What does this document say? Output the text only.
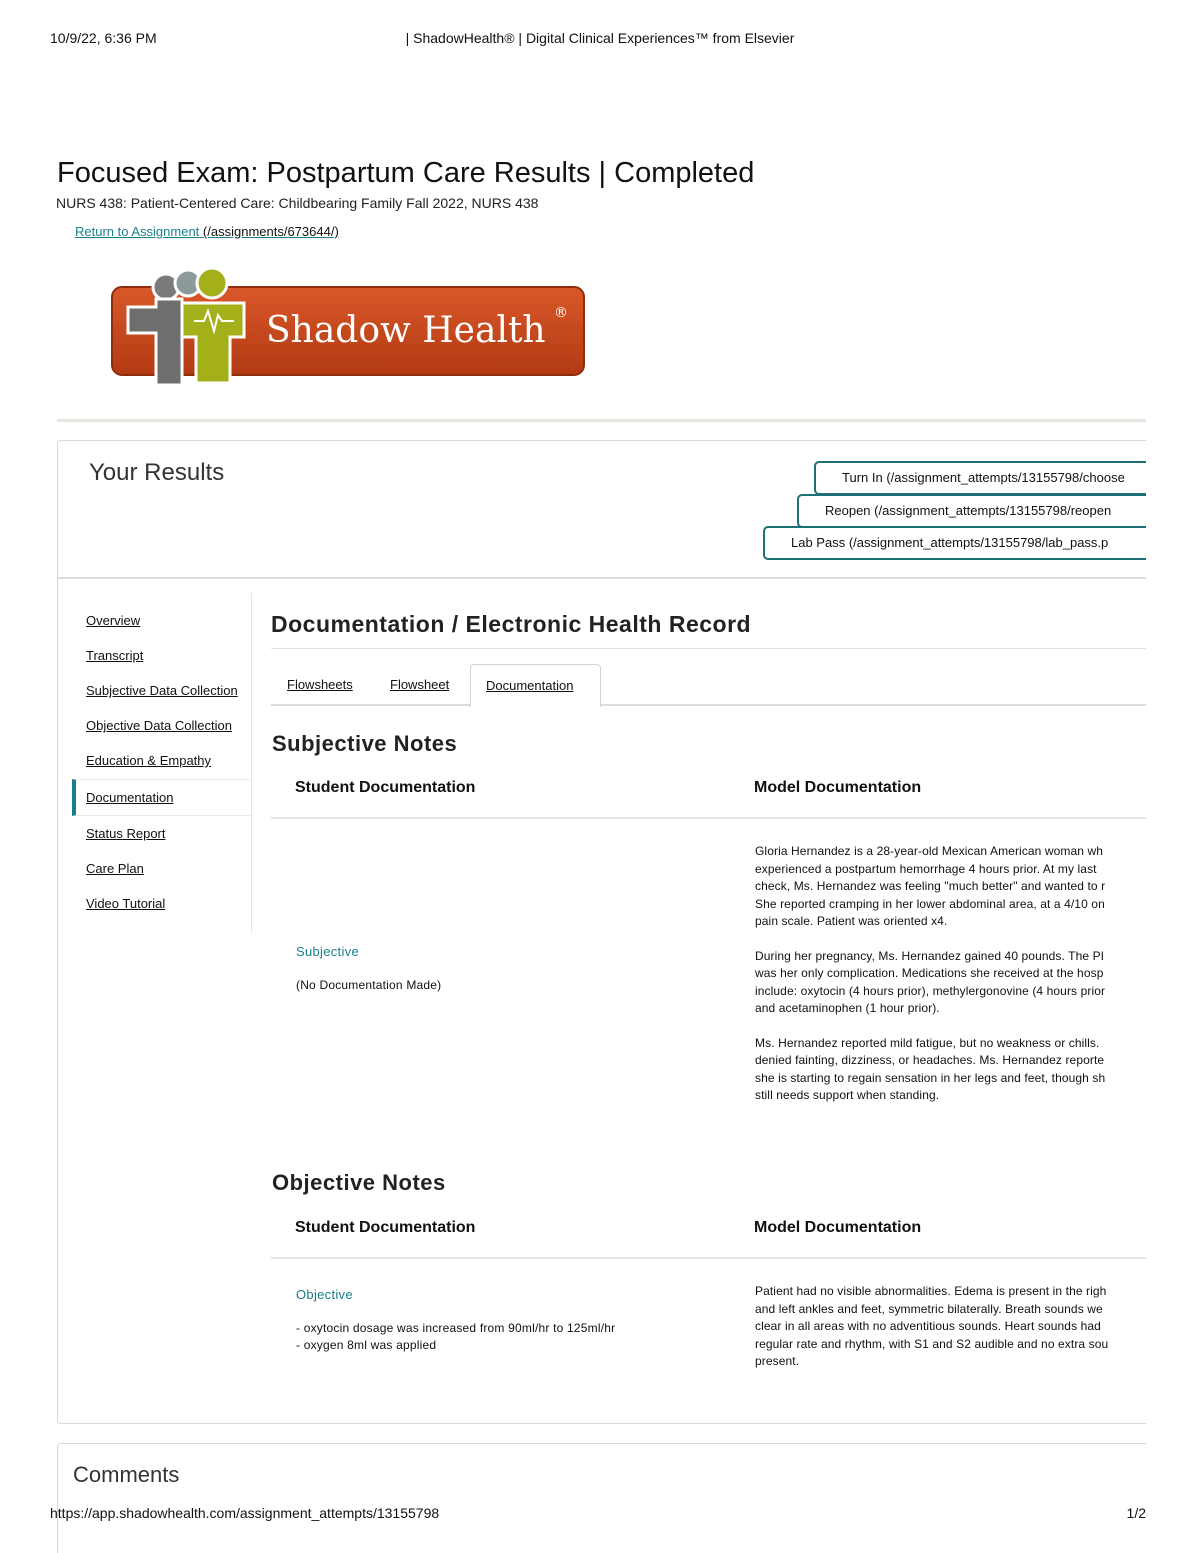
10/9/22, 6:36 PM	| ShadowHealth® | Digital Clinical Experiences™ from Elsevier
Focused Exam: Postpartum Care Results | Completed
NURS 438: Patient-Centered Care: Childbearing Family Fall 2022, NURS 438
Return to Assignment (/assignments/673644/)
Shadow Health ®
Your Results	Turn In (/assignment_attempts/13155798/choose
Reopen (/assignment_attempts/13155798/reopen
Lab Pass (/assignment_attempts/13155798/lab_pass.p
Overview
Transcript
Subjective Data Collection
Objective Data Collection
Education & Empathy
Documentation
Status Report
Care Plan
Video Tutorial
Documentation / Electronic Health Record
Flowsheets	Flowsheet	Documentation
Subjective Notes
Student Documentation	Model Documentation
Subjective
(No Documentation Made)

Gloria Hernandez is a 28-year-old Mexican American woman wh
experienced a postpartum hemorrhage 4 hours prior. At my last
check, Ms. Hernandez was feeling "much better" and wanted to r
She reported cramping in her lower abdominal area, at a 4/10 on
pain scale. Patient was oriented x4.

During her pregnancy, Ms. Hernandez gained 40 pounds. The PI
was her only complication. Medications she received at the hosp
include: oxytocin (4 hours prior), methylergonovine (4 hours prior
and acetaminophen (1 hour prior).

Ms. Hernandez reported mild fatigue, but no weakness or chills.
denied fainting, dizziness, or headaches. Ms. Hernandez reporte
she is starting to regain sensation in her legs and feet, though sh
still needs support when standing.

Objective Notes
Student Documentation	Model Documentation
Objective
- oxytocin dosage was increased from 90ml/hr to 125ml/hr
- oxygen 8ml was applied

Patient had no visible abnormalities. Edema is present in the righ
and left ankles and feet, symmetric bilaterally. Breath sounds we
clear in all areas with no adventitious sounds. Heart sounds had
regular rate and rhythm, with S1 and S2 audible and no extra sou
present.

Comments
https://app.shadowhealth.com/assignment_attempts/13155798	1/2
